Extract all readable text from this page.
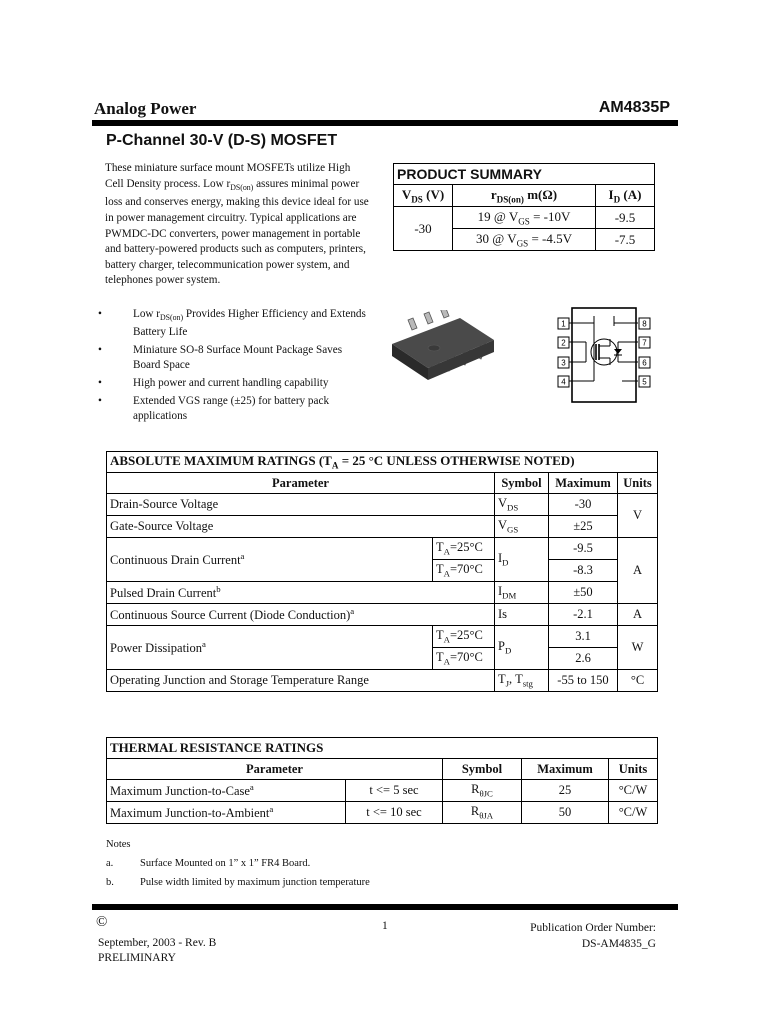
Analog Power	AM4835P
P-Channel 30-V (D-S) MOSFET
These miniature surface mount MOSFETs utilize High Cell Density process. Low $r_{DS(on)}$ assures minimal power loss and conserves energy, making this device ideal for use in power management circuitry. Typical applications are PWMDC-DC converters, power management in portable and battery-powered products such as computers, printers, battery charger, telecommunication power system, and telephones power system.
•	Low $r_{DS(on)}$ Provides Higher Efficiency and Extends Battery Life
•	Miniature SO-8 Surface Mount Package Saves Board Space
•	High power and current handling capability
•	Extended VGS range (±25) for battery pack applications
PRODUCT SUMMARY		
$V_{DS}$ (V)	$r_{DS(on)}$ m(Ω)	$I_D$ (A)
-30	19 @ $V_{GS} = -10V$	-9.5
	30 @ $V_{GS} = -4.5V$	-7.5
1
2
3
4
8
7
6
5
ABSOLUTE MAXIMUM RATINGS ($T_A = 25$ °C UNLESS OTHERWISE NOTED)				
Parameter		Symbol	Maximum	Units
Drain-Source Voltage		$V_{DS}$	-30	V
Gate-Source Voltage		$V_{GS}$	±25	
Continuous Drain Current$^a$	$T_A=25^\circ C$	$I_D$	-9.5	A
	$T_A=70^\circ C$		-8.3	
Pulsed Drain Current$^b$		$I_{DM}$	±50	
Continuous Source Current (Diode Conduction)$^a$		Is	-2.1	A
Power Dissipation$^a$	$T_A=25^\circ C$	$P_D$	3.1	W
	$T_A=70^\circ C$		2.6	
Operating Junction and Storage Temperature Range		$T_J$, $T_{stg}$	-55 to 150	°C
THERMAL RESISTANCE RATINGS				
Parameter		Symbol	Maximum	Units
Maximum Junction-to-Case$^a$	t <= 5 sec	$R_{\theta JC}$	25	°C/W
Maximum Junction-to-Ambient$^a$	t <= 10 sec	$R_{\theta JA}$	50	°C/W
Notes
a.	Surface Mounted on 1” x 1” FR4 Board.
b.	Pulse width limited by maximum junction temperature
©
September, 2003 - Rev. B
PRELIMINARY
1	Publication Order Number:
DS-AM4835_G
